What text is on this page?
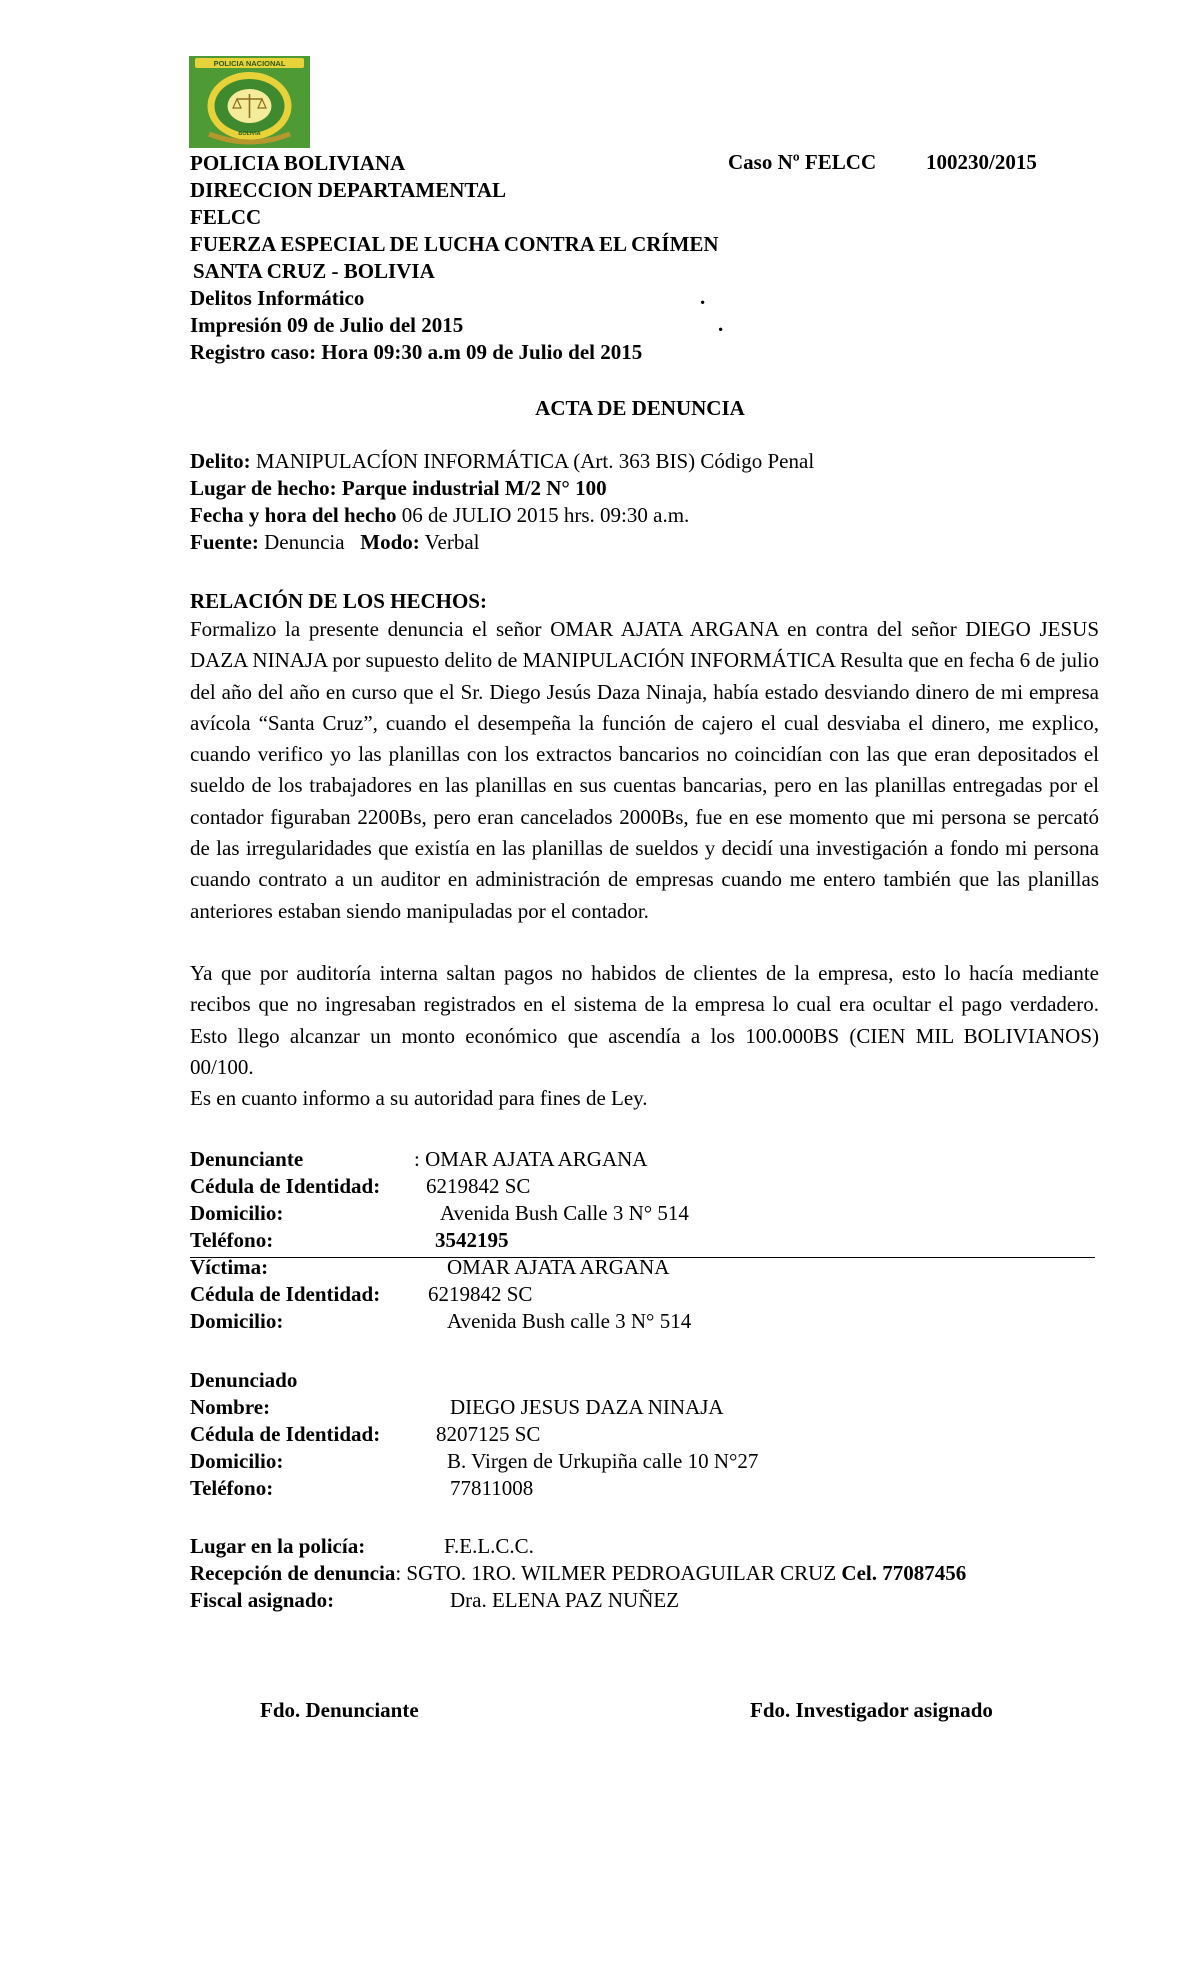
POLICIA NACIONAL
BOLIVIA
POLICIA BOLIVIANA	Caso Nº FELCC 100230/2015
DIRECCION DEPARTAMENTAL
FELCC
FUERZA ESPECIAL DE LUCHA CONTRA EL CRÍMEN
SANTA CRUZ - BOLIVIA
Delitos Informático	.
Impresión 09 de Julio del 2015	.
Registro caso: Hora 09:30 a.m 09 de Julio del 2015
ACTA DE DENUNCIA
Delito: MANIPULACÍON INFORMÁTICA (Art. 363 BIS) Código Penal
Lugar de hecho: Parque industrial M/2 N° 100
Fecha y hora del hecho 06 de JULIO 2015 hrs. 09:30 a.m.
Fuente: Denuncia   Modo: Verbal
RELACIÓN DE LOS HECHOS:
Formalizo la presente denuncia el señor OMAR AJATA ARGANA en contra del señor DIEGO JESUS DAZA NINAJA por supuesto delito de MANIPULACIÓN INFORMÁTICA Resulta que en fecha 6 de julio del año del año en curso que el Sr. Diego Jesús Daza Ninaja, había estado desviando dinero de mi empresa avícola “Santa Cruz”, cuando el desempeña la función de cajero el cual desviaba el dinero, me explico, cuando verifico yo las planillas con los extractos bancarios no coincidían con las que eran depositados el sueldo de los trabajadores en las planillas en sus cuentas bancarias, pero en las planillas entregadas por el contador figuraban 2200Bs, pero eran cancelados 2000Bs, fue en ese momento que mi persona se percató de las irregularidades que existía en las planillas de sueldos y decidí una investigación a fondo mi persona cuando contrato a un auditor en administración de empresas cuando me entero también que las planillas anteriores estaban siendo manipuladas por el contador.
Ya que por auditoría interna saltan pagos no habidos de clientes de la empresa, esto lo hacía mediante recibos que no ingresaban registrados en el sistema de la empresa lo cual era ocultar el pago verdadero. Esto llego alcanzar un monto económico que ascendía a los 100.000BS (CIEN MIL BOLIVIANOS) 00/100.
Es en cuanto informo a su autoridad para fines de Ley.
Denunciante	: OMAR AJATA ARGANA
Cédula de Identidad: 6219842 SC
Domicilio:	Avenida Bush Calle 3 N° 514
Teléfono:	3542195
Víctima:	OMAR AJATA ARGANA
Cédula de Identidad: 6219842 SC
Domicilio:	Avenida Bush calle 3 N° 514
Denunciado
Nombre:	DIEGO JESUS DAZA NINAJA
Cédula de Identidad:	8207125 SC
Domicilio:	B. Virgen de Urkupiña calle 10 N°27
Teléfono:	77811008
Lugar en la policía:	F.E.L.C.C.
Recepción de denuncia: SGTO. 1RO. WILMER PEDROAGUILAR CRUZ Cel. 77087456
Fiscal asignado:	Dra. ELENA PAZ NUÑEZ
Fdo. Denunciante	Fdo. Investigador asignado
